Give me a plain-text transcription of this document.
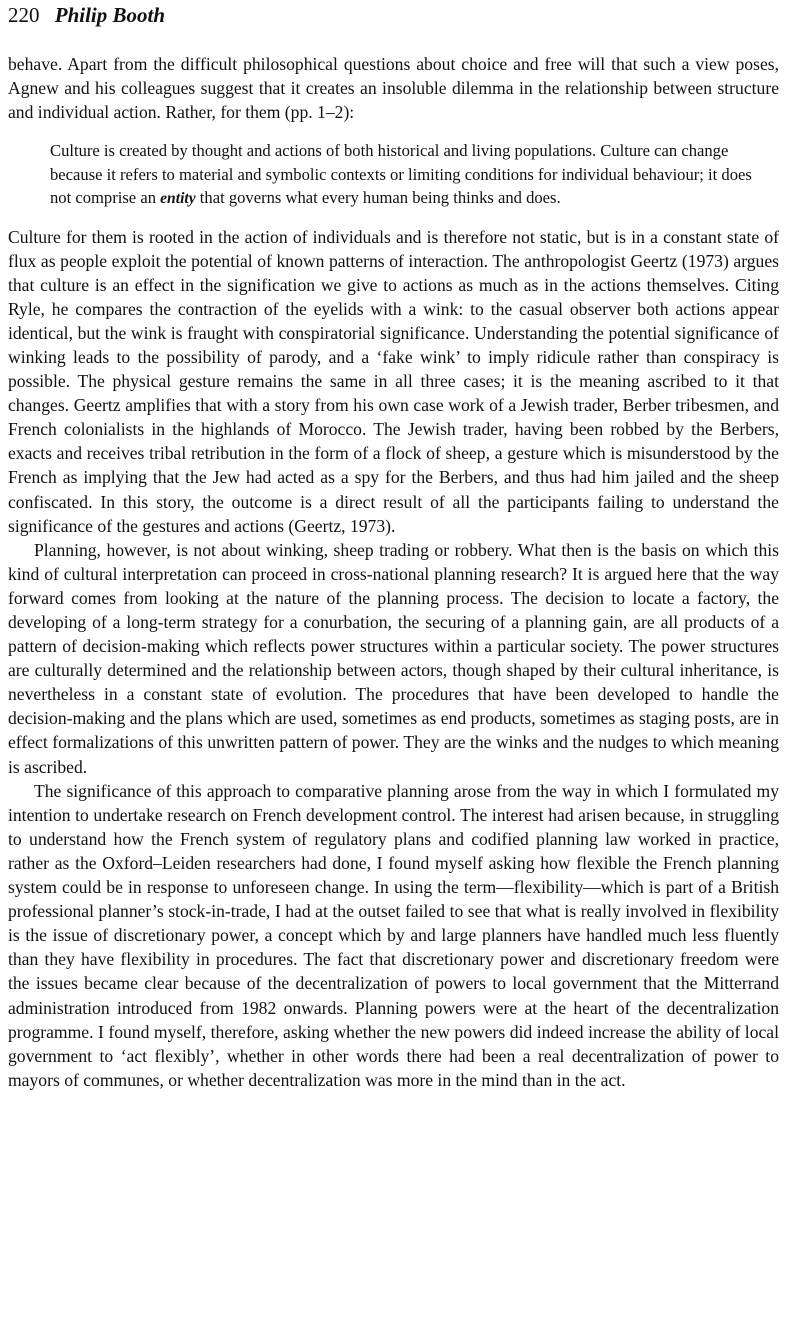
220 Philip Booth

behave. Apart from the difficult philosophical questions about choice and free will that such a view poses, Agnew and his colleagues suggest that it creates an insoluble dilemma in the relationship between structure and individual action. Rather, for them (pp. 1–2):

Culture is created by thought and actions of both historical and living populations. Culture can change because it refers to material and symbolic contexts or limiting conditions for individual behaviour; it does not comprise an entity that governs what every human being thinks and does.

Culture for them is rooted in the action of individuals and is therefore not static, but is in a constant state of flux as people exploit the potential of known patterns of interaction. The anthropologist Geertz (1973) argues that culture is an effect in the signification we give to actions as much as in the actions themselves. Citing Ryle, he compares the contraction of the eyelids with a wink: to the casual observer both actions appear identical, but the wink is fraught with conspiratorial significance. Understanding the potential significance of winking leads to the possibility of parody, and a ‘fake wink’ to imply ridicule rather than conspiracy is possible. The physical gesture remains the same in all three cases; it is the meaning ascribed to it that changes. Geertz amplifies that with a story from his own case work of a Jewish trader, Berber tribesmen, and French colonialists in the highlands of Morocco. The Jewish trader, having been robbed by the Berbers, exacts and receives tribal retribution in the form of a flock of sheep, a gesture which is misunderstood by the French as implying that the Jew had acted as a spy for the Berbers, and thus had him jailed and the sheep confiscated. In this story, the outcome is a direct result of all the participants failing to understand the significance of the gestures and actions (Geertz, 1973).

Planning, however, is not about winking, sheep trading or robbery. What then is the basis on which this kind of cultural interpretation can proceed in cross-national planning research? It is argued here that the way forward comes from looking at the nature of the planning process. The decision to locate a factory, the developing of a long-term strategy for a conurbation, the securing of a planning gain, are all products of a pattern of decision-making which reflects power structures within a particular society. The power structures are culturally determined and the relationship between actors, though shaped by their cultural inheritance, is nevertheless in a constant state of evolution. The procedures that have been developed to handle the decision-making and the plans which are used, sometimes as end products, sometimes as staging posts, are in effect formalizations of this unwritten pattern of power. They are the winks and the nudges to which meaning is ascribed.

The significance of this approach to comparative planning arose from the way in which I formulated my intention to undertake research on French development control. The interest had arisen because, in struggling to understand how the French system of regulatory plans and codified planning law worked in practice, rather as the Oxford–Leiden researchers had done, I found myself asking how flexible the French planning system could be in response to unforeseen change. In using the term—flexibility—which is part of a British professional planner’s stock-in-trade, I had at the outset failed to see that what is really involved in flexibility is the issue of discretionary power, a concept which by and large planners have handled much less fluently than they have flexibility in procedures. The fact that discretionary power and discretionary freedom were the issues became clear because of the decentralization of powers to local government that the Mitterrand administration introduced from 1982 onwards. Planning powers were at the heart of the decentralization programme. I found myself, therefore, asking whether the new powers did indeed increase the ability of local government to ‘act flexibly’, whether in other words there had been a real decentralization of power to mayors of communes, or whether decentralization was more in the mind than in the act.
